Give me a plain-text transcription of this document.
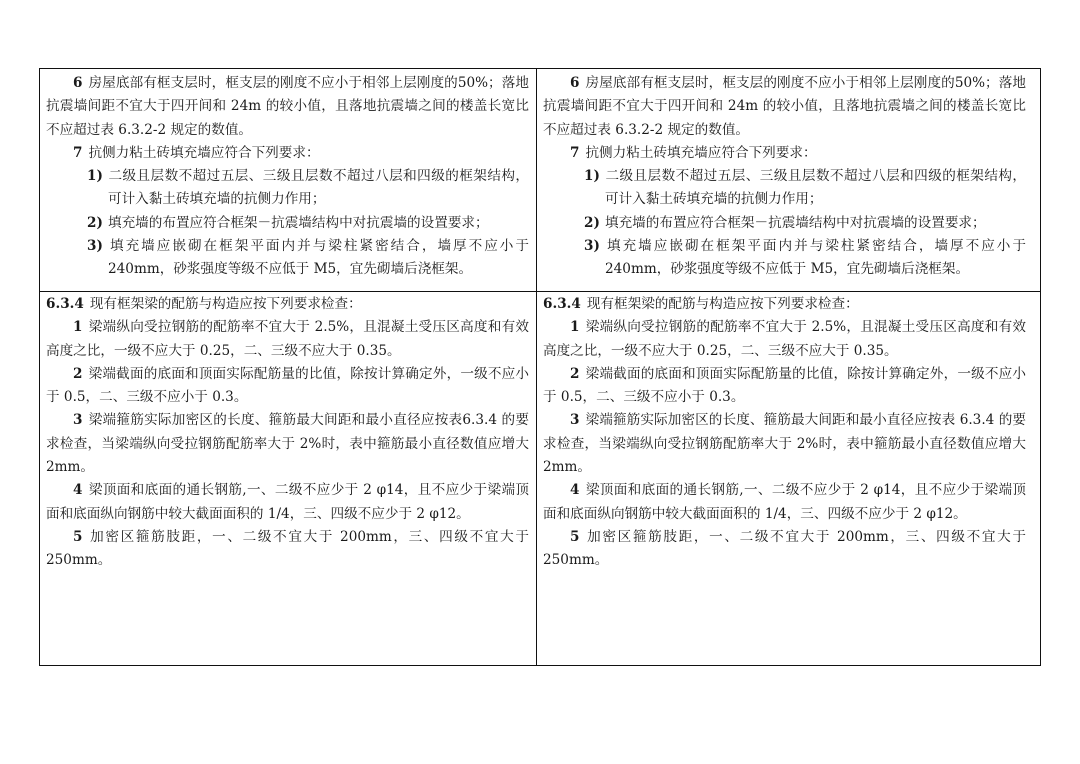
6 房屋底部有框支层时，框支层的刚度不应小于相邻上层刚度的50%；落地抗震墙间距不宜大于四开间和 24m 的较小值，且落地抗震墙之间的楼盖长宽比不应超过表 6.3.2-2 规定的数值。

7 抗侧力粘土砖填充墙应符合下列要求：

1) 二级且层数不超过五层、三级且层数不超过八层和四级的框架结构，可计入黏土砖填充墙的抗侧力作用；

2) 填充墙的布置应符合框架－抗震墙结构中对抗震墙的设置要求；

3) 填充墙应嵌砌在框架平面内并与梁柱紧密结合，墙厚不应小于240mm，砂浆强度等级不应低于 M5，宜先砌墙后浇框架。

6.3.4 现有框架梁的配筋与构造应按下列要求检查：

1 梁端纵向受拉钢筋的配筋率不宜大于 2.5%，且混凝土受压区高度和有效高度之比，一级不应大于 0.25，二、三级不应大于 0.35。

2 梁端截面的底面和顶面实际配筋量的比值，除按计算确定外，一级不应小于 0.5，二、三级不应小于 0.3。

3 梁端箍筋实际加密区的长度、箍筋最大间距和最小直径应按表6.3.4 的要求检查，当梁端纵向受拉钢筋配筋率大于 2%时，表中箍筋最小直径数值应增大 2mm。

4 梁顶面和底面的通长钢筋,一、二级不应少于 2 φ14，且不应少于梁端顶面和底面纵向钢筋中较大截面面积的 1/4，三、四级不应少于 2 φ12。

5 加密区箍筋肢距，一、二级不宜大于 200mm，三、四级不宜大于250mm。

6 房屋底部有框支层时，框支层的刚度不应小于相邻上层刚度的50%；落地抗震墙间距不宜大于四开间和 24m 的较小值，且落地抗震墙之间的楼盖长宽比不应超过表 6.3.2-2 规定的数值。

7 抗侧力粘土砖填充墙应符合下列要求：

1) 二级且层数不超过五层、三级且层数不超过八层和四级的框架结构，可计入黏土砖填充墙的抗侧力作用；

2) 填充墙的布置应符合框架－抗震墙结构中对抗震墙的设置要求；

3) 填充墙应嵌砌在框架平面内并与梁柱紧密结合，墙厚不应小于240mm，砂浆强度等级不应低于 M5，宜先砌墙后浇框架。

6.3.4 现有框架梁的配筋与构造应按下列要求检查：

1 梁端纵向受拉钢筋的配筋率不宜大于 2.5%，且混凝土受压区高度和有效高度之比，一级不应大于 0.25，二、三级不应大于 0.35。

2 梁端截面的底面和顶面实际配筋量的比值，除按计算确定外，一级不应小于 0.5，二、三级不应小于 0.3。

3 梁端箍筋实际加密区的长度、箍筋最大间距和最小直径应按表 6.3.4 的要求检查，当梁端纵向受拉钢筋配筋率大于 2%时，表中箍筋最小直径数值应增大 2mm。

4 梁顶面和底面的通长钢筋,一、二级不应少于 2 φ14，且不应少于梁端顶面和底面纵向钢筋中较大截面面积的 1/4，三、四级不应少于 2 φ12。

5 加密区箍筋肢距，一、二级不宜大于 200mm，三、四级不宜大于250mm。
